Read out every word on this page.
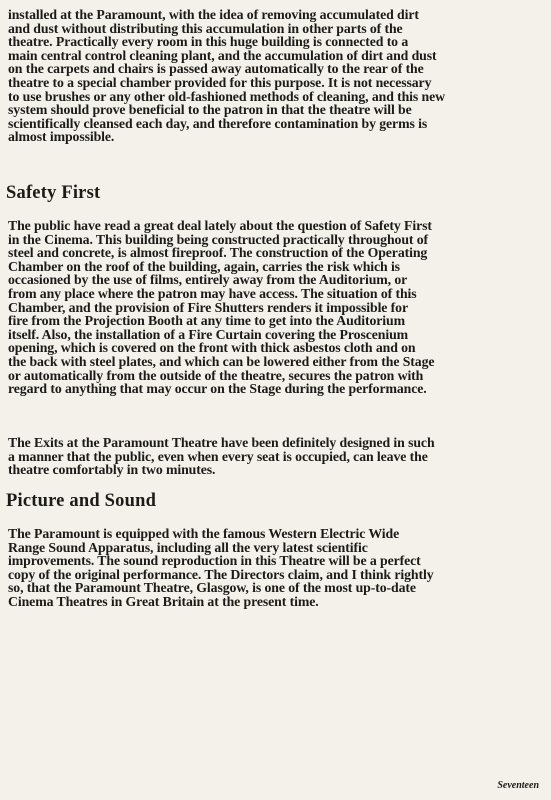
installed at the Paramount, with the idea of removing accumulated dirt
and dust without distributing this accumulation in other parts of the
theatre. Practically every room in this huge building is connected to a
main central control cleaning plant, and the accumulation of dirt and dust
on the carpets and chairs is passed away automatically to the rear of the
theatre to a special chamber provided for this purpose. It is not necessary
to use brushes or any other old-fashioned methods of cleaning, and this new
system should prove beneficial to the patron in that the theatre will be
scientifically cleansed each day, and therefore contamination by germs is
almost impossible.
Safety First
The public have read a great deal lately about the question of Safety First
in the Cinema. This building being constructed practically throughout of
steel and concrete, is almost fireproof. The construction of the Operating
Chamber on the roof of the building, again, carries the risk which is
occasioned by the use of films, entirely away from the Auditorium, or
from any place where the patron may have access. The situation of this
Chamber, and the provision of Fire Shutters renders it impossible for
fire from the Projection Booth at any time to get into the Auditorium
itself. Also, the installation of a Fire Curtain covering the Proscenium
opening, which is covered on the front with thick asbestos cloth and on
the back with steel plates, and which can be lowered either from the Stage
or automatically from the outside of the theatre, secures the patron with
regard to anything that may occur on the Stage during the performance.
The Exits at the Paramount Theatre have been definitely designed in such
a manner that the public, even when every seat is occupied, can leave the
theatre comfortably in two minutes.
Picture and Sound
The Paramount is equipped with the famous Western Electric Wide
Range Sound Apparatus, including all the very latest scientific
improvements. The sound reproduction in this Theatre will be a perfect
copy of the original performance. The Directors claim, and I think rightly
so, that the Paramount Theatre, Glasgow, is one of the most up-to-date
Cinema Theatres in Great Britain at the present time.
Seventeen
